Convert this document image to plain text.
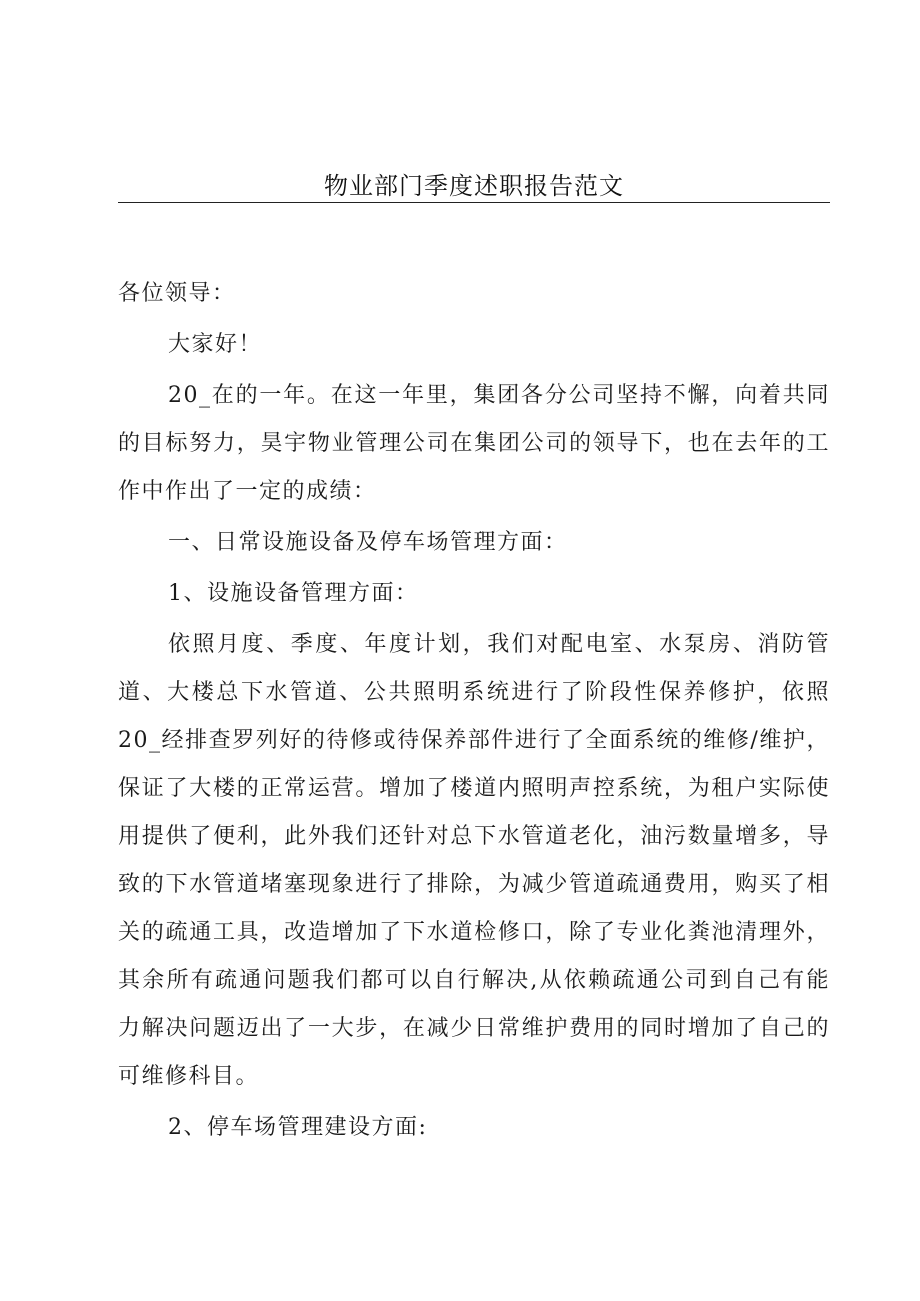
物业部门季度述职报告范文

各位领导：

大家好！

20_在的一年。在这一年里，集团各分公司坚持不懈，向着共同的目标努力，昊宇物业管理公司在集团公司的领导下，也在去年的工作中作出了一定的成绩：

一、日常设施设备及停车场管理方面：

1、设施设备管理方面：

依照月度、季度、年度计划，我们对配电室、水泵房、消防管道、大楼总下水管道、公共照明系统进行了阶段性保养修护，依照20_经排查罗列好的待修或待保养部件进行了全面系统的维修/维护，保证了大楼的正常运营。增加了楼道内照明声控系统，为租户实际使用提供了便利，此外我们还针对总下水管道老化，油污数量增多，导致的下水管道堵塞现象进行了排除，为减少管道疏通费用，购买了相关的疏通工具，改造增加了下水道检修口，除了专业化粪池清理外，其余所有疏通问题我们都可以自行解决,从依赖疏通公司到自己有能力解决问题迈出了一大步，在减少日常维护费用的同时增加了自己的可维修科目。

2、停车场管理建设方面:
